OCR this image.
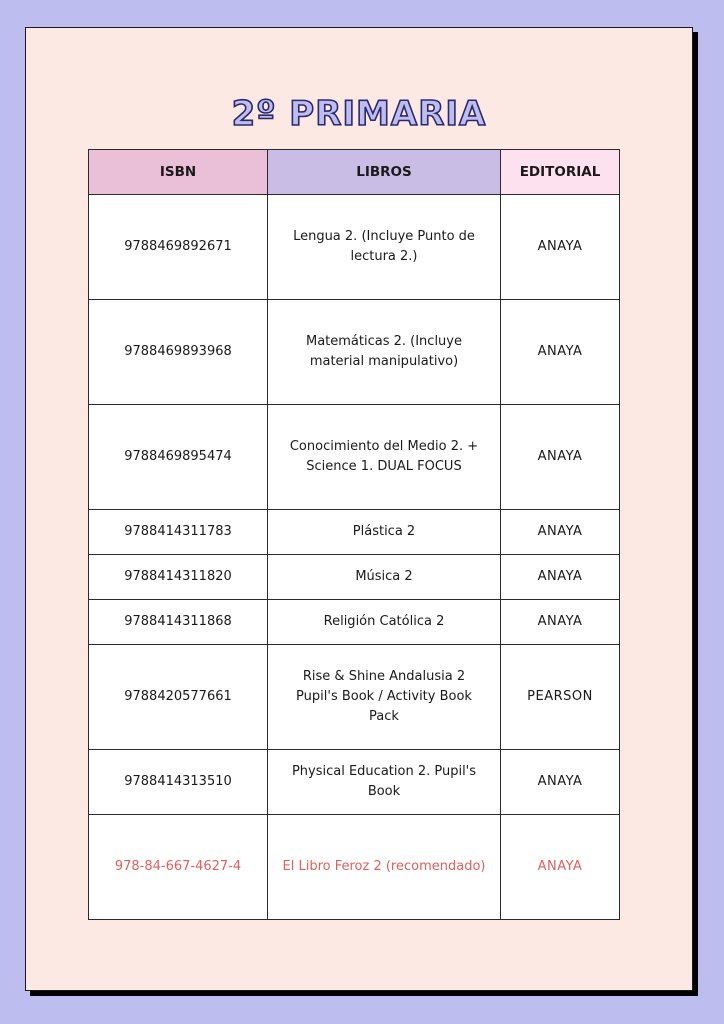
2º PRIMARIA
ISBN	LIBROS	EDITORIAL
9788469892671	Lengua 2. (Incluye Punto de lectura 2.)	ANAYA
9788469893968	Matemáticas 2. (Incluye material manipulativo)	ANAYA
9788469895474	Conocimiento del Medio 2. + Science 1. DUAL FOCUS	ANAYA
9788414311783	Plástica 2	ANAYA
9788414311820	Música 2	ANAYA
9788414311868	Religión Católica 2	ANAYA
9788420577661	Rise & Shine Andalusia 2 Pupil's Book / Activity Book Pack	PEARSON
9788414313510	Physical Education 2. Pupil's Book	ANAYA
978-84-667-4627-4	El Libro Feroz 2 (recomendado)	ANAYA
